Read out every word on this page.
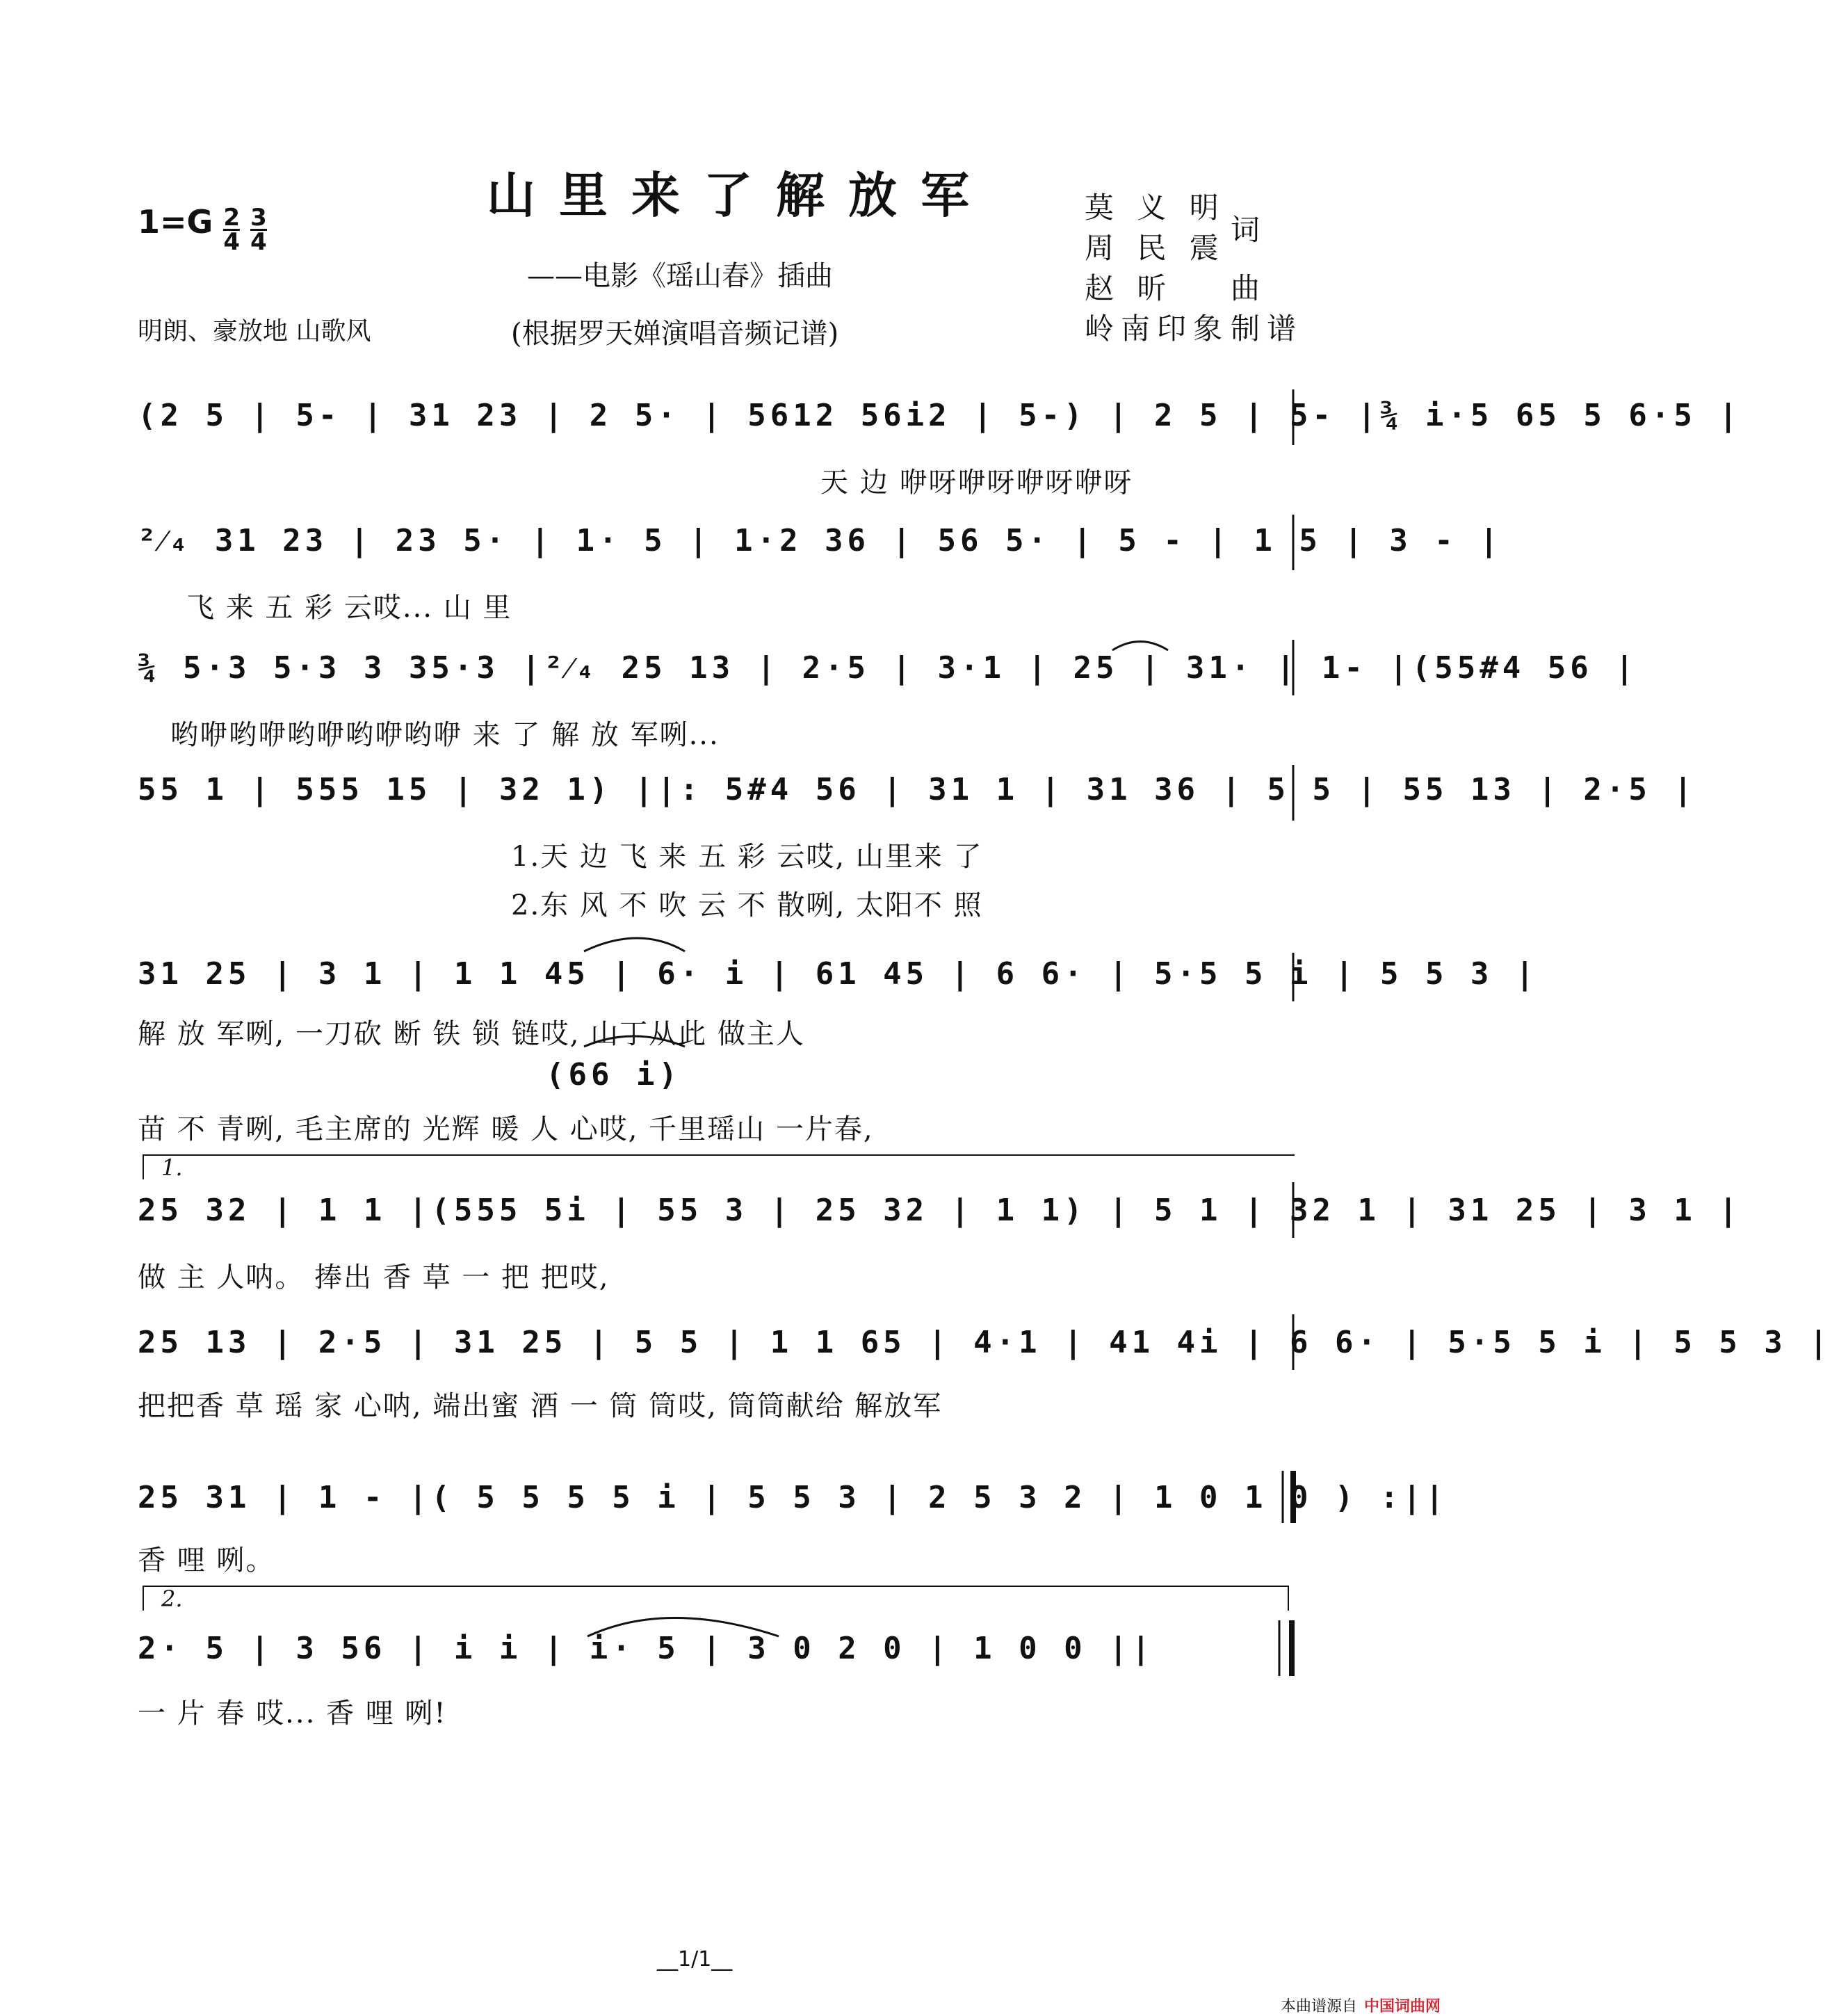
山里来了解放军
——电影《瑶山春》插曲
(根据罗天婵演唱音频记谱)
$1=G \frac{2}{4}$
$\frac{3}{4}$
明朗、豪放地 山歌风
莫 义 明
周 民 震
赵 昕
岭南印象
词
曲
制谱
(2 5 | 5- | 31 23 | 2 5· | 5612 56i2 | 5-) | 2 5 | 5- |¾ i·5 65 5 6·5 |
天 边 咿呀咿呀咿呀咿呀
²⁄₄ 31 23 | 23 5· | 1· 5 | 1·2 36 | 56 5· | 5 - | 1 5 | 3 - |
飞 来 五 彩 云哎... 山 里
¾ 5·3 5·3 3 35·3 |²⁄₄ 25 13 | 2·5 | 3·1 | 25 | 31· | 1- |(55#4 56 |
哟咿哟咿哟咿哟咿哟咿 来 了 解 放 军咧...
55 1 | 555 15 | 32 1) ||: 5#4 56 | 31 1 | 31 36 | 5 5 | 55 13 | 2·5 |
1.天 边 飞 来 五 彩 云哎, 山里来 了
2.东 风 不 吹 云 不 散咧, 太阳不 照
31 25 | 3 1 | 1 1 45 | 6· i | 61 45 | 6 6· | 5·5 5 i | 5 5 3 |
解 放 军咧, 一刀砍 断 铁 锁 链哎, 山丁从此 做主人
(66 i)
苗 不 青咧, 毛主席的 光辉 暖 人 心哎, 千里瑶山 一片春,
1.
25 32 | 1 1 |(555 5i | 55 3 | 25 32 | 1 1) | 5 1 | 32 1 | 31 25 | 3 1 |
做 主 人呐。 捧出 香 草 一 把 把哎,
25 13 | 2·5 | 31 25 | 5 5 | 1 1 65 | 4·1 | 41 4i | 6 6· | 5·5 5 i | 5 5 3 |
把把香 草 瑶 家 心呐, 端出蜜 酒 一 筒 筒哎, 筒筒献给 解放军
25 31 | 1 - |( 5 5 5 5 i | 5 5 3 | 2 5 3 2 | 1 0 1 0 ) :||
香 哩 咧。
2.
2· 5 | 3 56 | i i | i· 5 | 3 0 2 0 | 1 0 0 ||
一 片 春 哎... 香 哩 咧!
__1/1__
本曲谱源自 中国词曲网
